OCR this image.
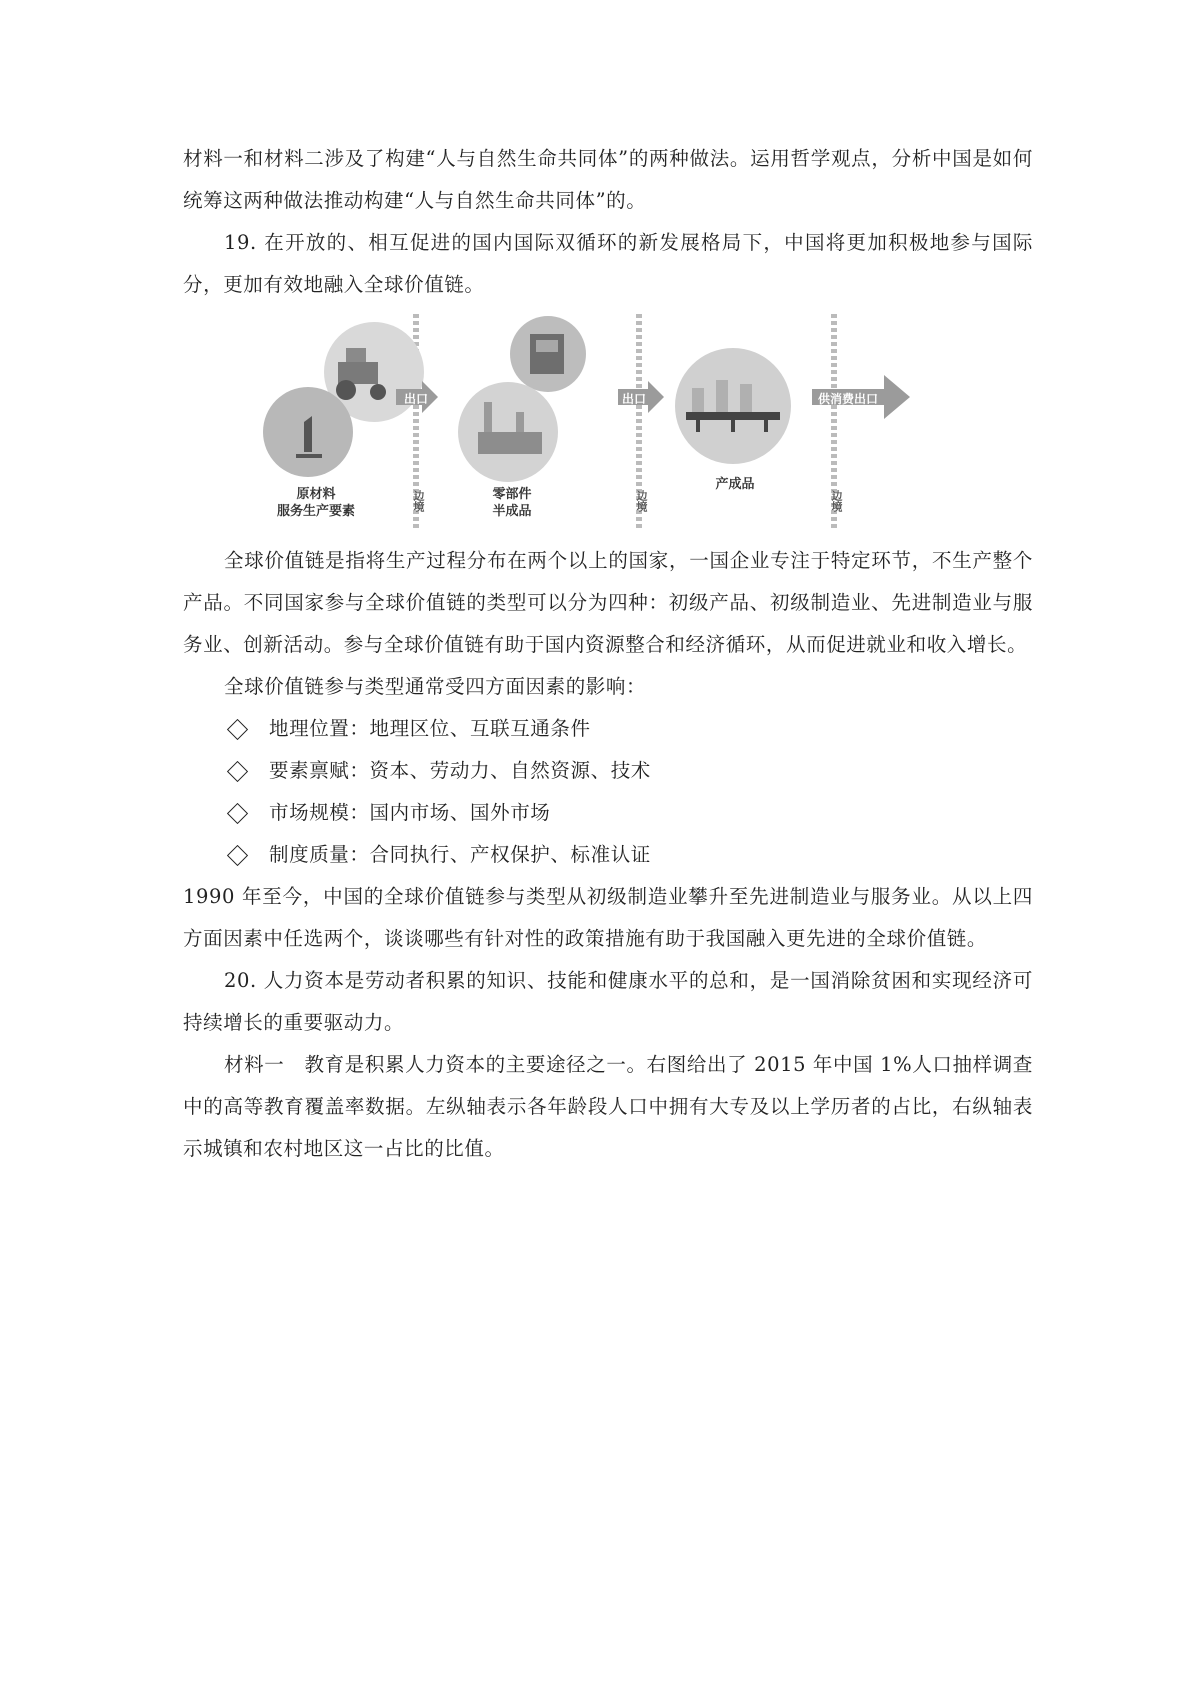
材料一和材料二涉及了构建“人与自然生命共同体”的两种做法。运用哲学观点，分析中国是如何统筹这两种做法推动构建“人与自然生命共同体”的。

19. 在开放的、相互促进的国内国际双循环的新发展格局下，中国将更加积极地参与国际分，更加有效地融入全球价值链。

出口	出口	供消费出口
原材料
服务生产要素
零部件
半成品
产成品
边境	边境	边境

全球价值链是指将生产过程分布在两个以上的国家，一国企业专注于特定环节，不生产整个产品。不同国家参与全球价值链的类型可以分为四种：初级产品、初级制造业、先进制造业与服务业、创新活动。参与全球价值链有助于国内资源整合和经济循环，从而促进就业和收入增长。

全球价值链参与类型通常受四方面因素的影响：

地理位置：地理区位、互联互通条件

要素禀赋：资本、劳动力、自然资源、技术

市场规模：国内市场、国外市场

制度质量：合同执行、产权保护、标准认证

1990 年至今，中国的全球价值链参与类型从初级制造业攀升至先进制造业与服务业。从以上四方面因素中任选两个，谈谈哪些有针对性的政策措施有助于我国融入更先进的全球价值链。

20. 人力资本是劳动者积累的知识、技能和健康水平的总和，是一国消除贫困和实现经济可持续增长的重要驱动力。

材料一　教育是积累人力资本的主要途径之一。右图给出了 2015 年中国 1%人口抽样调查中的高等教育覆盖率数据。左纵轴表示各年龄段人口中拥有大专及以上学历者的占比，右纵轴表示城镇和农村地区这一占比的比值。
